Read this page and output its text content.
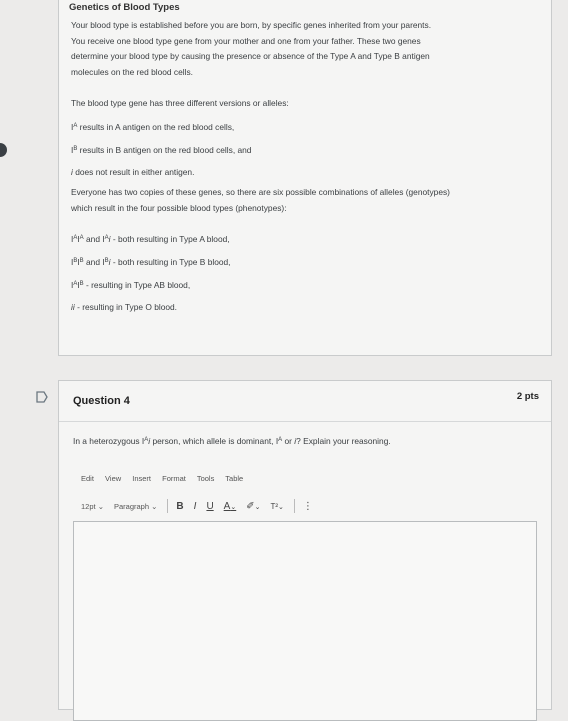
Genetics of Blood Types
Your blood type is established before you are born, by specific genes inherited from your parents.
You receive one blood type gene from your mother and one from your father. These two genes
determine your blood type by causing the presence or absence of the Type A and Type B antigen
molecules on the red blood cells.
The blood type gene has three different versions or alleles:
$I^A$ results in A antigen on the red blood cells,
$I^B$ results in B antigen on the red blood cells, and
i does not result in either antigen.
Everyone has two copies of these genes, so there are six possible combinations of alleles (genotypes)
which result in the four possible blood types (phenotypes):
$I^AI^A$ and $I^Ai$ - both resulting in Type A blood,
$I^BI^B$ and $I^Bi$ - both resulting in Type B blood,
$I^AI^B$ - resulting in Type AB blood,
ii - resulting in Type O blood.
Question 4	2 pts
In a heterozygous $I^Ai$ person, which allele is dominant, $I^A$ or i? Explain your reasoning.
Edit View Insert Format Tools Table
12pt ⌄ Paragraph ⌄ B I U A⌄ ✐⌄ T²⌄ ⋮
